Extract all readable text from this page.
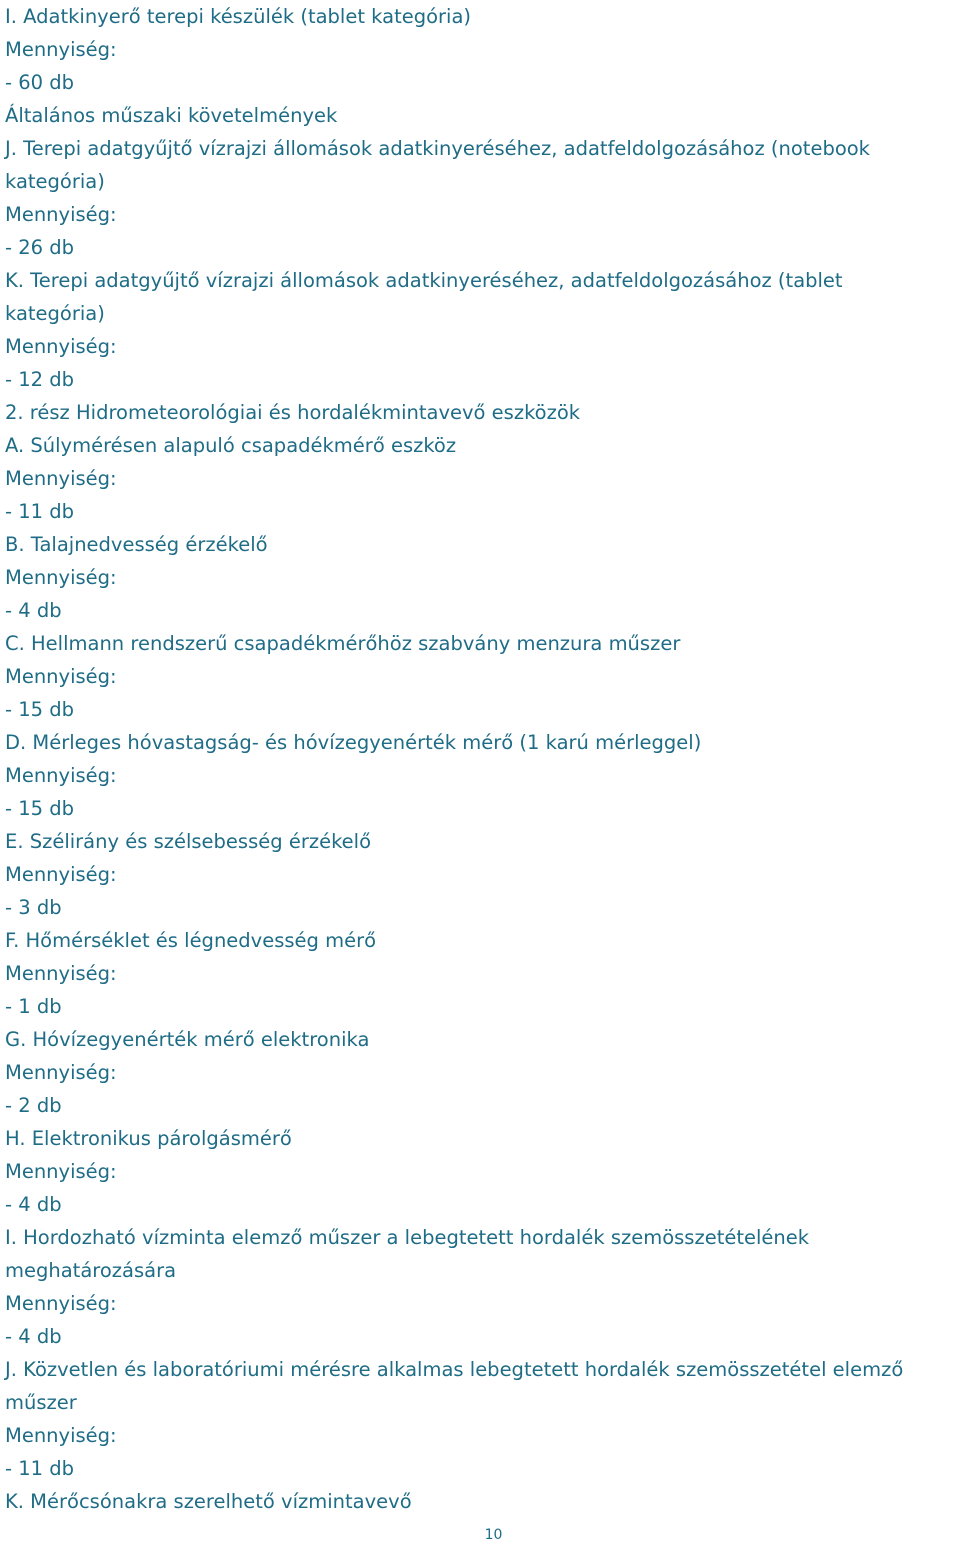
I. Adatkinyerő terepi készülék (tablet kategória)

Mennyiség:

- 60 db

Általános műszaki követelmények

J. Terepi adatgyűjtő vízrajzi állomások adatkinyeréséhez, adatfeldolgozásához (notebook

kategória)

Mennyiség:

- 26 db

K. Terepi adatgyűjtő vízrajzi állomások adatkinyeréséhez, adatfeldolgozásához (tablet

kategória)

Mennyiség:

- 12 db

2. rész Hidrometeorológiai és hordalékmintavevő eszközök

A. Súlymérésen alapuló csapadékmérő eszköz

Mennyiség:

- 11 db

B. Talajnedvesség érzékelő

Mennyiség:

- 4 db

C. Hellmann rendszerű csapadékmérőhöz szabvány menzura műszer

Mennyiség:

- 15 db

D. Mérleges hóvastagság- és hóvízegyenérték mérő (1 karú mérleggel)

Mennyiség:

- 15 db

E. Szélirány és szélsebesség érzékelő

Mennyiség:

- 3 db

F. Hőmérséklet és légnedvesség mérő

Mennyiség:

- 1 db

G. Hóvízegyenérték mérő elektronika

Mennyiség:

- 2 db

H. Elektronikus párolgásmérő

Mennyiség:

- 4 db

I. Hordozható vízminta elemző műszer a lebegtetett hordalék szemösszetételének

meghatározására

Mennyiség:

- 4 db

J. Közvetlen és laboratóriumi mérésre alkalmas lebegtetett hordalék szemösszetétel elemző

műszer

Mennyiség:

- 11 db

K. Mérőcsónakra szerelhető vízmintavevő

10
